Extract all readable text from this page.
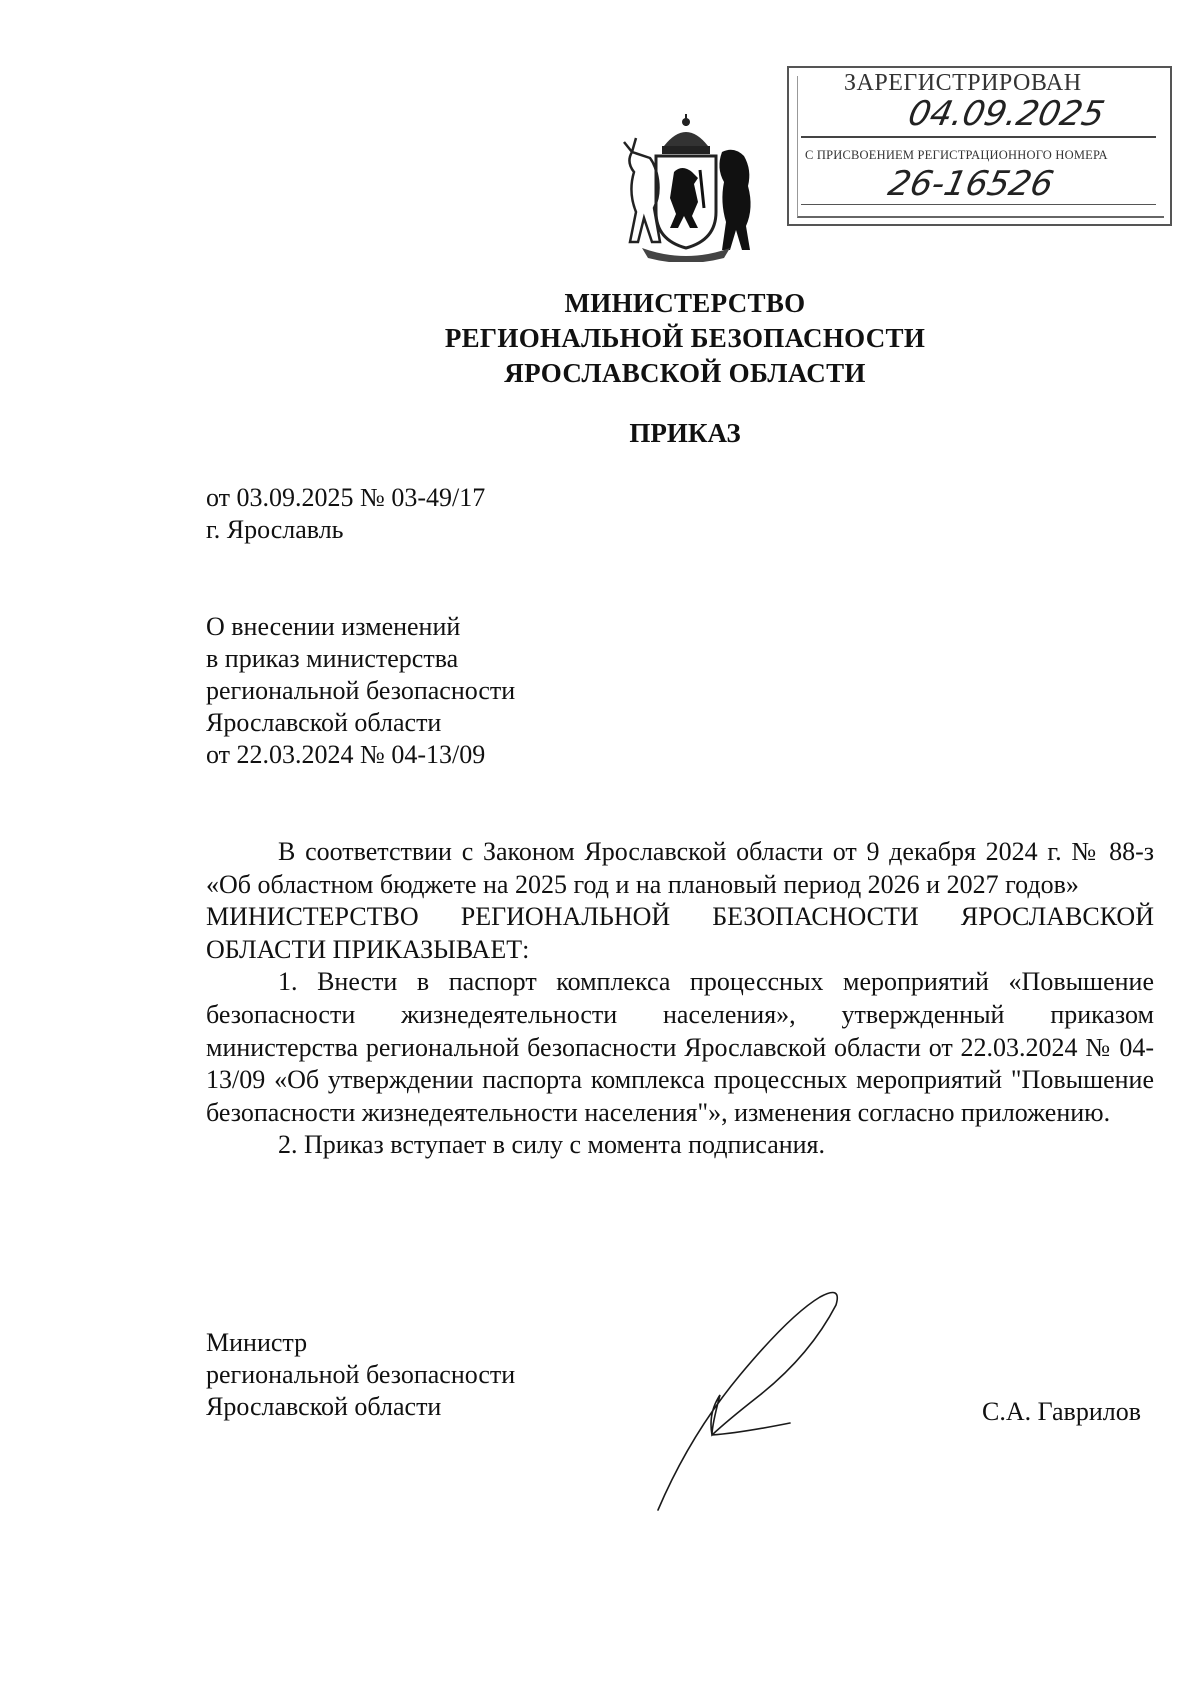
ЗАРЕГИСТРИРОВАН
04.09.2025
С ПРИСВОЕНИЕМ РЕГИСТРАЦИОННОГО НОМЕРА
26-16526
МИНИСТЕРСТВО
РЕГИОНАЛЬНОЙ БЕЗОПАСНОСТИ
ЯРОСЛАВСКОЙ ОБЛАСТИ
ПРИКАЗ
от 03.09.2025 № 03-49/17
г. Ярославль
О внесении изменений
в приказ министерства
региональной безопасности
Ярославской области
от 22.03.2024 № 04-13/09

В соответствии с Законом Ярославской области от 9 декабря 2024 г. № 88-з «Об областном бюджете на 2025 год и на плановый период 2026 и 2027 годов»

МИНИСТЕРСТВО РЕГИОНАЛЬНОЙ БЕЗОПАСНОСТИ ЯРОСЛАВСКОЙ ОБЛАСТИ ПРИКАЗЫВАЕТ:

1. Внести в паспорт комплекса процессных мероприятий «Повышение безопасности жизнедеятельности населения», утвержденный приказом министерства региональной безопасности Ярославской области от 22.03.2024 № 04-13/09 «Об утверждении паспорта комплекса процессных мероприятий "Повышение безопасности жизнедеятельности населения"», изменения согласно приложению.

2. Приказ вступает в силу с момента подписания.

Министр
региональной безопасности
Ярославской области	С.А. Гаврилов
